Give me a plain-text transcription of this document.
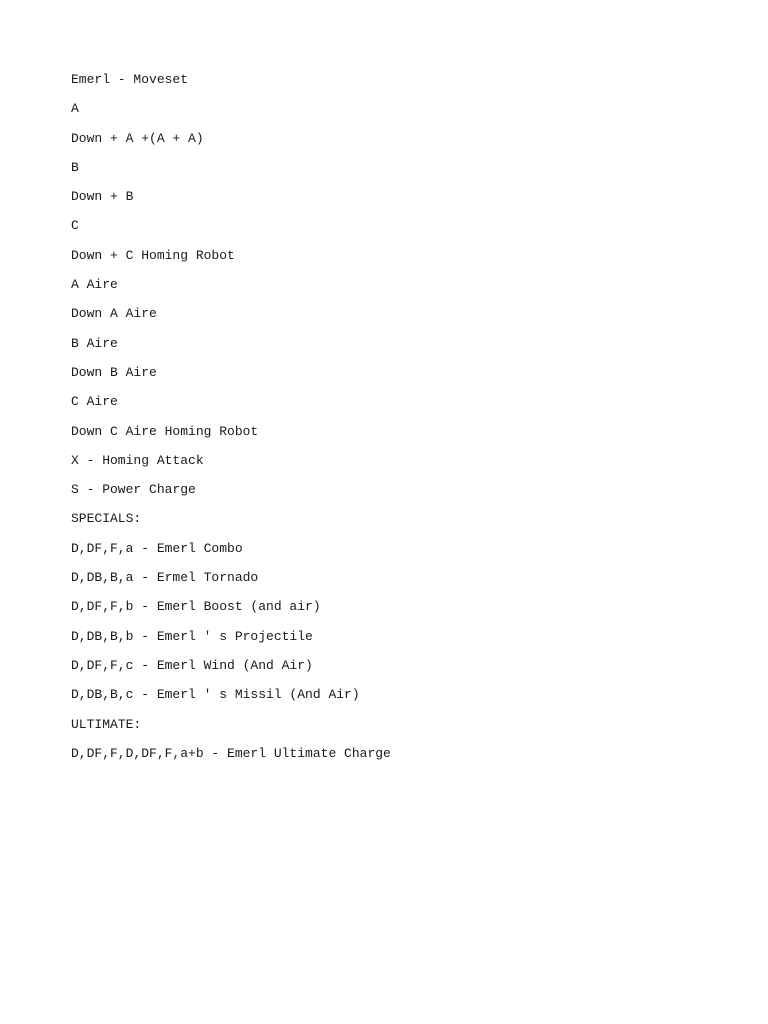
Emerl - Moveset
A
Down + A +(A + A)
B
Down + B
C
Down + C Homing Robot
A Aire
Down A Aire
B Aire
Down B Aire
C Aire
Down C Aire Homing Robot
X - Homing Attack
S - Power Charge
SPECIALS:
D,DF,F,a - Emerl Combo
D,DB,B,a - Ermel Tornado
D,DF,F,b - Emerl Boost (and air)
D,DB,B,b - Emerl ' s Projectile
D,DF,F,c - Emerl Wind (And Air)
D,DB,B,c - Emerl ' s Missil (And Air)
ULTIMATE:
D,DF,F,D,DF,F,a+b - Emerl Ultimate Charge
